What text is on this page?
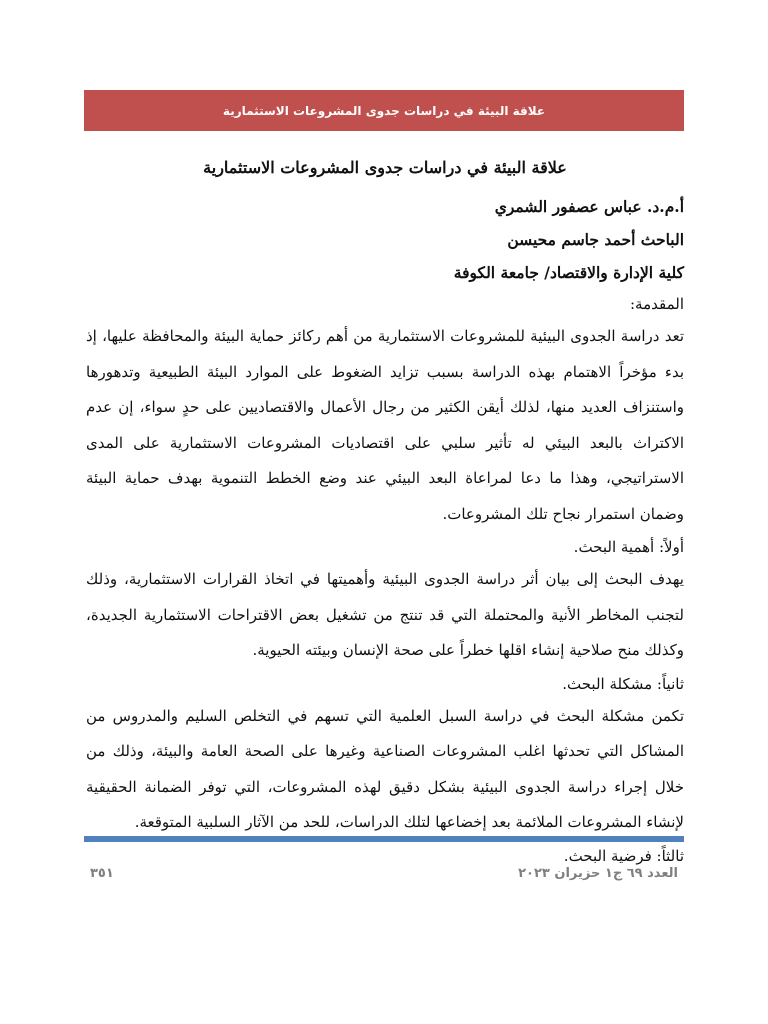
علاقة البيئة في دراسات جدوى المشروعات الاستثمارية

علاقة البيئة في دراسات جدوى المشروعات الاستثمارية

أ.م.د. عباس عصفور الشمري

الباحث أحمد جاسم محيسن

كلية الإدارة والاقتصاد/ جامعة الكوفة

المقدمة:

تعد دراسة الجدوى البيئية للمشروعات الاستثمارية من أهم ركائز حماية البيئة والمحافظة عليها، إذ بدء مؤخراً الاهتمام بهذه الدراسة بسبب تزايد الضغوط على الموارد البيئة الطبيعية وتدهورها واستنزاف العديد منها، لذلك أيقن الكثير من رجال الأعمال والاقتصاديين على حدٍ سواء، إن عدم الاكتراث بالبعد البيئي له تأثير سلبي على اقتصاديات المشروعات الاستثمارية على المدى الاستراتيجي، وهذا ما دعا لمراعاة البعد البيئي عند وضع الخطط التنموية بهدف حماية البيئة وضمان استمرار نجاح تلك المشروعات.

أولاً: أهمية البحث.

يهدف البحث إلى بيان أثر دراسة الجدوى البيئية وأهميتها في اتخاذ القرارات الاستثمارية، وذلك لتجنب المخاطر الأنية والمحتملة التي قد تنتج من تشغيل بعض الاقتراحات الاستثمارية الجديدة، وكذلك منح صلاحية إنشاء اقلها خطراً على صحة الإنسان وبيئته الحيوية.

ثانياً: مشكلة البحث.

تكمن مشكلة البحث في دراسة السبل العلمية التي تسهم في التخلص السليم والمدروس من المشاكل التي تحدثها اغلب المشروعات الصناعية وغيرها على الصحة العامة والبيئة، وذلك من خلال إجراء دراسة الجدوى البيئية بشكل دقيق لهذه المشروعات، التي توفر الضمانة الحقيقية لإنشاء المشروعات الملائمة بعد إخضاعها لتلك الدراسات، للحد من الآثار السلبية المتوقعة.

ثالثاً: فرضية البحث.

العدد ٦٩ ج١ حزيران ٢٠٢٣
٣٥١
